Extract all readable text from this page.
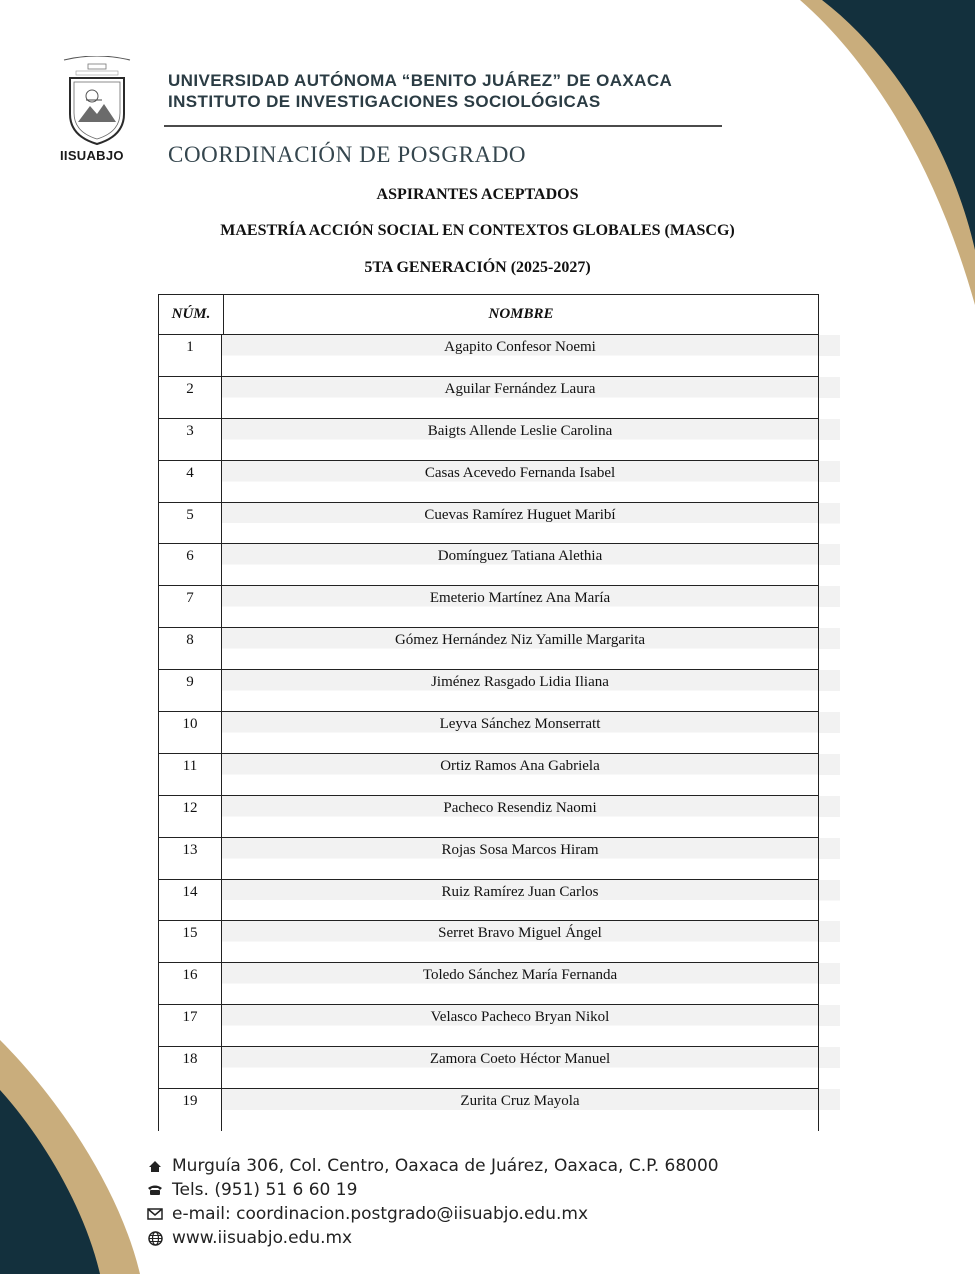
IISUABJO
UNIVERSIDAD AUTÓNOMA “BENITO JUÁREZ” DE OAXACA
INSTITUTO DE INVESTIGACIONES SOCIOLÓGICAS
COORDINACIÓN DE POSGRADO
ASPIRANTES ACEPTADOS
MAESTRÍA ACCIÓN SOCIAL EN CONTEXTOS GLOBALES (MASCG)
5TA GENERACIÓN (2025-2027)
NÚM.	NOMBRE
1	Agapito Confesor Noemi
2	Aguilar Fernández Laura
3	Baigts Allende Leslie Carolina
4	Casas Acevedo Fernanda Isabel
5	Cuevas Ramírez Huguet Maribí
6	Domínguez Tatiana Alethia
7	Emeterio Martínez Ana María
8	Gómez Hernández Niz Yamille Margarita
9	Jiménez Rasgado Lidia Iliana
10	Leyva Sánchez Monserratt
11	Ortiz Ramos Ana Gabriela
12	Pacheco Resendiz Naomi
13	Rojas Sosa Marcos Hiram
14	Ruiz Ramírez Juan Carlos
15	Serret Bravo Miguel Ángel
16	Toledo Sánchez María Fernanda
17	Velasco Pacheco Bryan Nikol
18	Zamora Coeto Héctor Manuel
19	Zurita Cruz Mayola
Murguía 306, Col. Centro, Oaxaca de Juárez, Oaxaca, C.P. 68000
Tels. (951) 51 6 60 19
e-mail: coordinacion.postgrado@iisuabjo.edu.mx
www.iisuabjo.edu.mx
